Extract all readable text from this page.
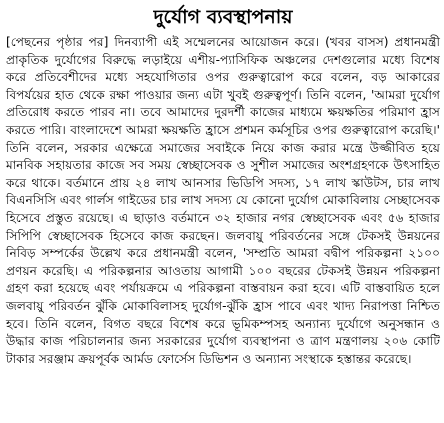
দুর্যোগ ব্যবস্থাপনায়

[পেছনের পৃষ্ঠার পর] দিনব্যাপী এই সম্মেলনের আয়োজন করে। (খবর বাসস) প্রধানমন্ত্রী প্রাকৃতিক দুর্যোগের বিরুদ্ধে লড়াইয়ে এশীয়-প্যাসিফিক অঞ্চলের দেশগুলোর মধ্যে বিশেষ করে প্রতিবেশীদের মধ্যে সহযোগিতার ওপর গুরুত্বারোপ করে বলেন, বড় আকারের বিপর্যয়ের হাত থেকে রক্ষা পাওয়ার জন্য এটা খুবই গুরুত্বপূর্ণ। তিনি বলেন, 'আমরা দুর্যোগ প্রতিরোধ করতে পারব না। তবে আমাদের দুরদর্শী কাজের মাধ্যমে ক্ষয়ক্ষতির পরিমাণ হ্রাস করতে পারি। বাংলাদেশে আমরা ক্ষয়ক্ষতি হ্রাসে প্রশমন কর্মসূচির ওপর গুরুত্বারোপ করেছি।' তিনি বলেন, সরকার এক্ষেত্রে সমাজের সবাইকে নিয়ে কাজ করার মন্ত্রে উজ্জীবিত হয়ে মানবিক সহায়তার কাজে সব সময় স্বেচ্ছাসেবক ও সুশীল সমাজের অংশগ্রহণকে উৎসাহিত করে থাকে। বর্তমানে প্রায় ২৪ লাখ আনসার ভিডিপি সদস্য, ১৭ লাখ স্কাউটস, চার লাখ বিএনসিসি এবং গার্লস গাইডের চার লাখ সদস্য যে কোনো দুর্যোগ মোকাবিলায় সেচ্ছাসেবক হিসেবে প্রস্তুত রয়েছে। এ ছাড়াও বর্তমানে ৩২ হাজার নগর স্বেচ্ছাসেবক এবং ৫৬ হাজার সিপিপি স্বেচ্ছাসেবক হিসেবে কাজ করছেন। জলবায়ু পরিবর্তনের সঙ্গে টেকসই উন্নয়নের নিবিড় সম্পর্কের উল্লেখ করে প্রধানমন্ত্রী বলেন, 'সম্প্রতি আমরা বদ্বীপ পরিকল্পনা ২১০০ প্রণয়ন করেছি। এ পরিকল্পনার আওতায় আগামী ১০০ বছরের টেকসই উন্নয়ন পরিকল্পনা গ্রহণ করা হয়েছে এবং পর্যায়ক্রমে এ পরিকল্পনা বাস্তবায়ন করা হবে। এটি বাস্তবায়িত হলে জলবায়ু পরিবর্তন ঝুঁকি মোকাবিলাসহ দুর্যোগ-ঝুঁকি হ্রাস পাবে এবং খাদ্য নিরাপত্তা নিশ্চিত হবে। তিনি বলেন, বিগত বছরে বিশেষ করে ভূমিকম্পসহ অন্যান্য দুর্যোগে অনুসন্ধান ও উদ্ধার কাজ পরিচালনার জন্য সরকারের দুর্যোগ ব্যবস্থাপনা ও ত্রাণ মন্ত্রণালয় ২০৬ কোটি টাকার সরঞ্জাম ক্রয়পূর্বক আর্মড ফোর্সেস ডিভিশন ও অন্যান্য সংস্থাকে হস্তান্তর করেছে।
